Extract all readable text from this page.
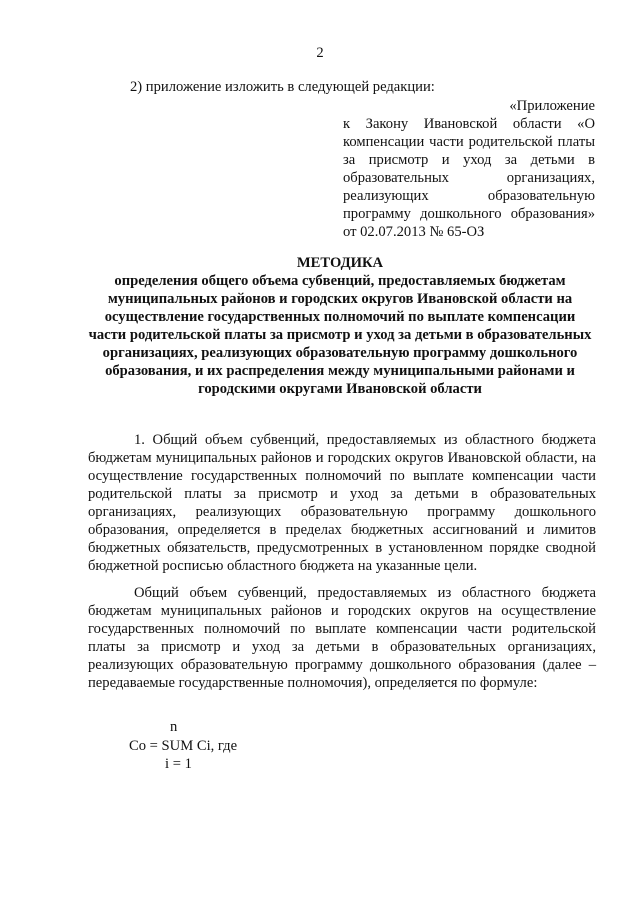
2
2) приложение изложить в следующей редакции:
«Приложение
к Закону Ивановской области «О компенсации части родительской платы за присмотр и уход за детьми в образовательных организациях, реализующих образовательную программу дошкольного образования»
от 02.07.2013 № 65-ОЗ
МЕТОДИКА
определения общего объема субвенций, предоставляемых бюджетам муниципальных районов и городских округов Ивановской области на осуществление государственных полномочий по выплате компенсации части родительской платы за присмотр и уход за детьми в образовательных организациях, реализующих образовательную программу дошкольного образования, и их распределения между муниципальными районами и городскими округами Ивановской области
1. Общий объем субвенций, предоставляемых из областного бюджета бюджетам муниципальных районов и городских округов Ивановской области, на осуществление государственных полномочий по выплате компенсации части родительской платы за присмотр и уход за детьми в образовательных организациях, реализующих образовательную программу дошкольного образования, определяется в пределах бюджетных ассигнований и лимитов бюджетных обязательств, предусмотренных в установленном порядке сводной бюджетной росписью областного бюджета на указанные цели.
Общий объем субвенций, предоставляемых из областного бюджета бюджетам муниципальных районов и городских округов на осуществление государственных полномочий по выплате компенсации части родительской платы за присмотр и уход за детьми в образовательных организациях, реализующих образовательную программу дошкольного образования (далее – передаваемые государственные полномочия), определяется по формуле:
n
Co = SUM Ci, где
i = 1
